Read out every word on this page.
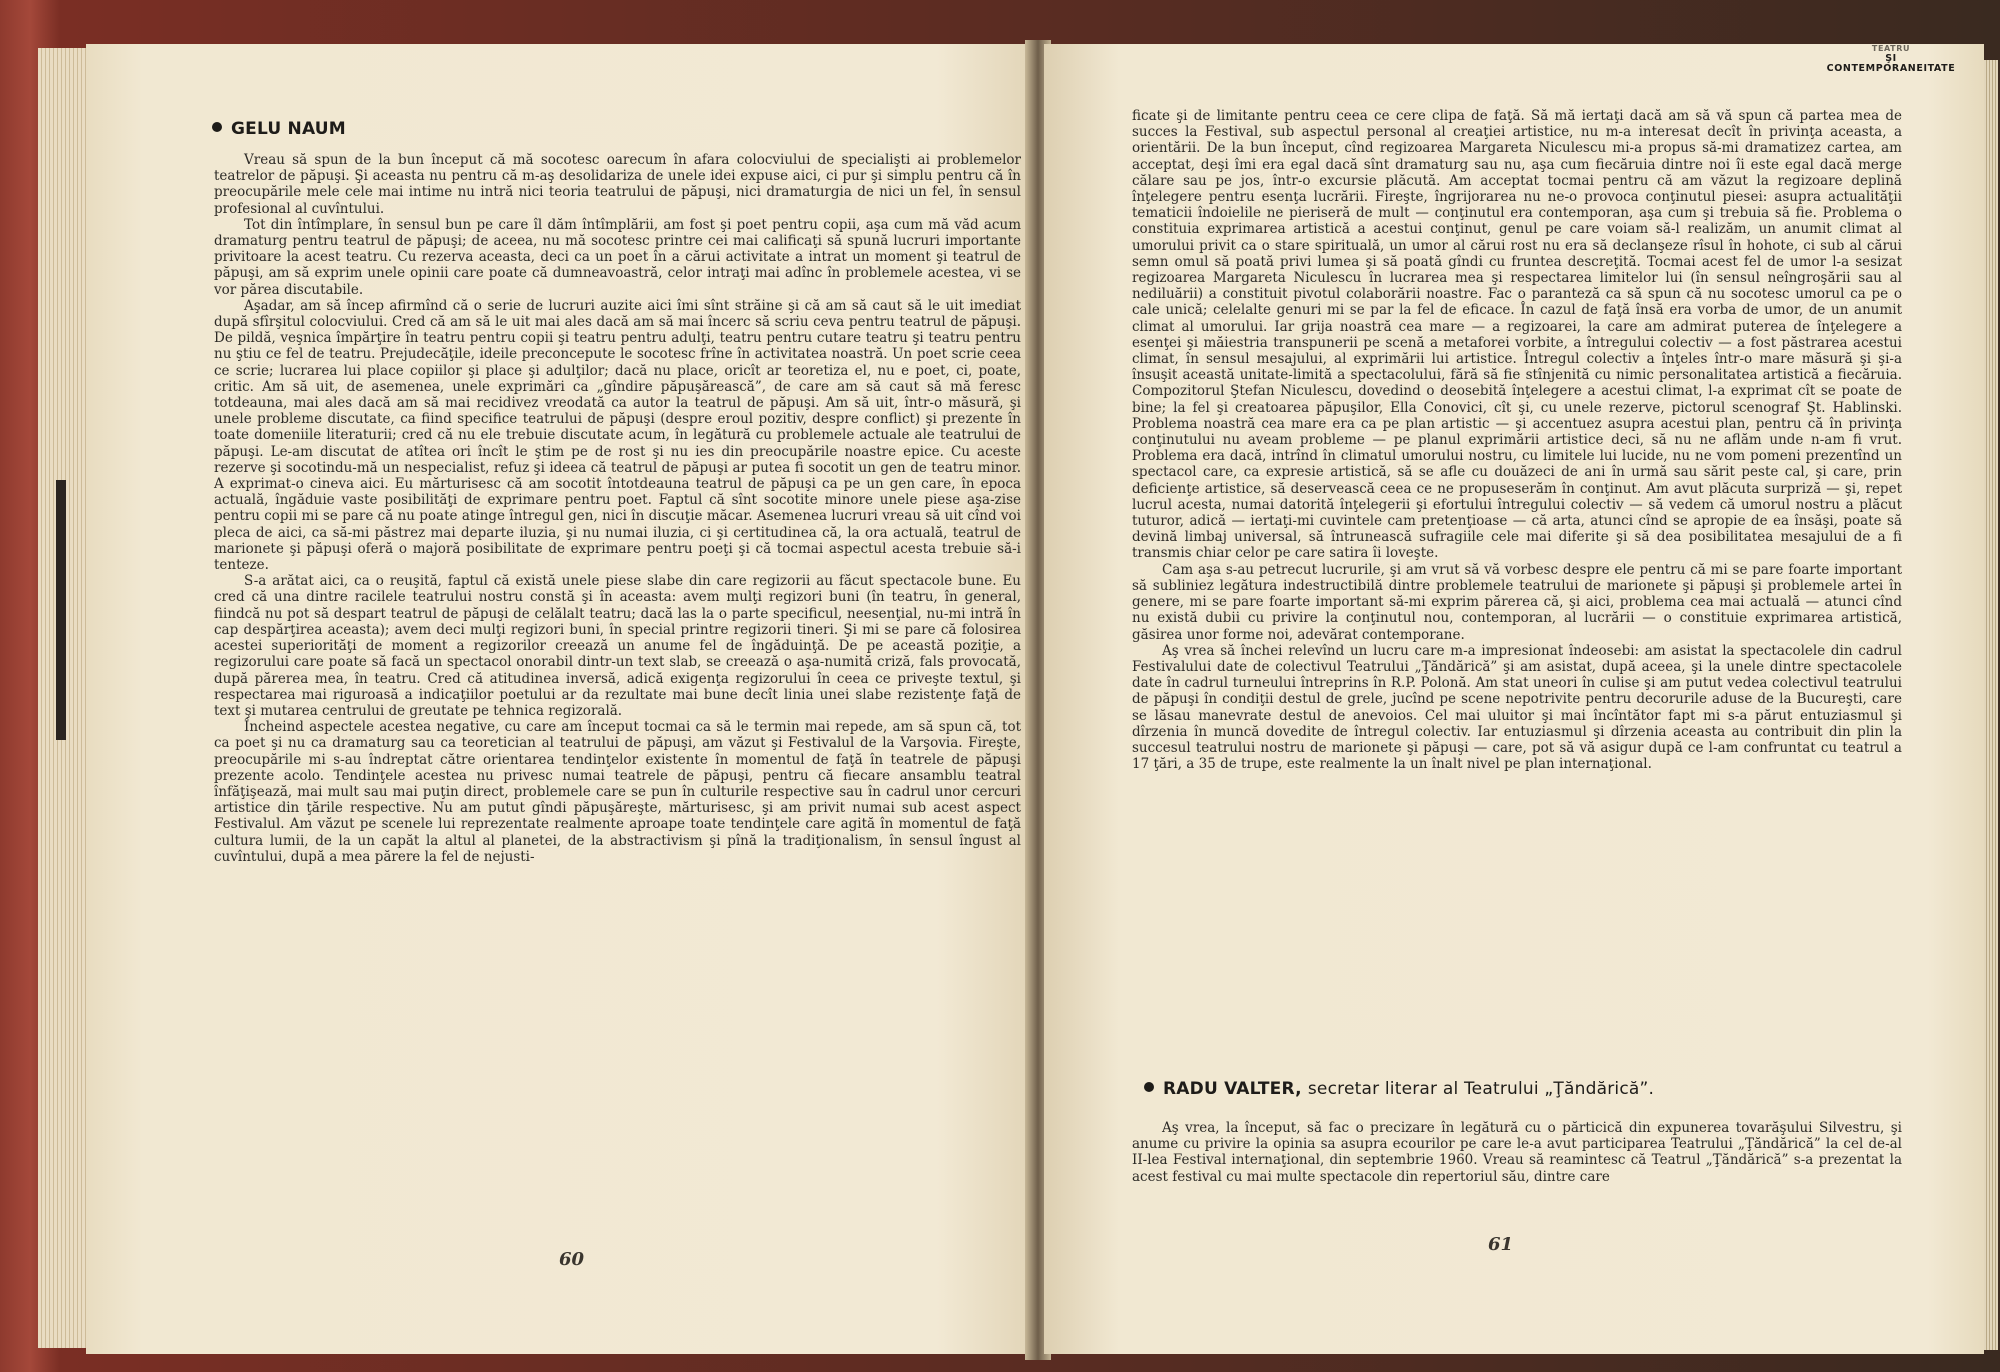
GELU NAUM

Vreau să spun de la bun început că mă socotesc oarecum în afara colocviului de specialişti ai problemelor teatrelor de păpuşi. Şi aceasta nu pentru că m-aş desolidariza de unele idei expuse aici, ci pur şi simplu pentru că în preocupările mele cele mai intime nu intră nici teoria teatrului de păpuşi, nici dramaturgia de nici un fel, în sensul profesional al cuvîntului.

Tot din întîmplare, în sensul bun pe care îl dăm întîmplării, am fost şi poet pentru copii, aşa cum mă văd acum dramaturg pentru teatrul de păpuşi; de aceea, nu mă socotesc printre cei mai calificaţi să spună lucruri importante privitoare la acest teatru. Cu rezerva aceasta, deci ca un poet în a cărui activitate a intrat un moment şi teatrul de păpuşi, am să exprim unele opinii care poate că dumneavoastră, celor intraţi mai adînc în problemele acestea, vi se vor părea discutabile.

Aşadar, am să încep afirmînd că o serie de lucruri auzite aici îmi sînt străine şi că am să caut să le uit imediat după sfîrşitul colocviului. Cred că am să le uit mai ales dacă am să mai încerc să scriu ceva pentru teatrul de păpuşi. De pildă, veşnica împărţire în teatru pentru copii şi teatru pentru adulţi, teatru pentru cutare teatru şi teatru pentru nu ştiu ce fel de teatru. Prejudecăţile, ideile preconcepute le socotesc frîne în activitatea noastră. Un poet scrie ceea ce scrie; lucrarea lui place copiilor şi place şi adulţilor; dacă nu place, oricît ar teoretiza el, nu e poet, ci, poate, critic. Am să uit, de asemenea, unele exprimări ca „gîndire păpuşărească”, de care am să caut să mă feresc totdeauna, mai ales dacă am să mai recidivez vreodată ca autor la teatrul de păpuşi. Am să uit, într-o măsură, şi unele probleme discutate, ca fiind specifice teatrului de păpuşi (despre eroul pozitiv, despre conflict) şi prezente în toate domeniile literaturii; cred că nu ele trebuie discutate acum, în legătură cu problemele actuale ale teatrului de păpuşi. Le-am discutat de atîtea ori încît le ştim pe de rost şi nu ies din preocupările noastre epice. Cu aceste rezerve şi socotindu-mă un nespecialist, refuz şi ideea că teatrul de păpuşi ar putea fi socotit un gen de teatru minor. A exprimat-o cineva aici. Eu mărturisesc că am socotit întotdeauna teatrul de păpuşi ca pe un gen care, în epoca actuală, îngăduie vaste posibilităţi de exprimare pentru poet. Faptul că sînt socotite minore unele piese aşa-zise pentru copii mi se pare că nu poate atinge întregul gen, nici în discuţie măcar. Asemenea lucruri vreau să uit cînd voi pleca de aici, ca să-mi păstrez mai departe iluzia, şi nu numai iluzia, ci şi certitudinea că, la ora actuală, teatrul de marionete şi păpuşi oferă o majoră posibilitate de exprimare pentru poeţi şi că tocmai aspectul acesta trebuie să-i tenteze.

S-a arătat aici, ca o reuşită, faptul că există unele piese slabe din care regizorii au făcut spectacole bune. Eu cred că una dintre racilele teatrului nostru constă şi în aceasta: avem mulţi regizori buni (în teatru, în general, fiindcă nu pot să despart teatrul de păpuşi de celălalt teatru; dacă las la o parte specificul, neesenţial, nu-mi intră în cap despărţirea aceasta); avem deci mulţi regizori buni, în special printre regizorii tineri. Şi mi se pare că folosirea acestei superiorităţi de moment a regizorilor creează un anume fel de îngăduinţă. De pe această poziţie, a regizorului care poate să facă un spectacol onorabil dintr-un text slab, se creează o aşa-numită criză, fals provocată, după părerea mea, în teatru. Cred că atitudinea inversă, adică exigenţa regizorului în ceea ce priveşte textul, şi respectarea mai riguroasă a indicaţiilor poetului ar da rezultate mai bune decît linia unei slabe rezistenţe faţă de text şi mutarea centrului de greutate pe tehnica regizorală.

Încheind aspectele acestea negative, cu care am început tocmai ca să le termin mai repede, am să spun că, tot ca poet şi nu ca dramaturg sau ca teoretician al teatrului de păpuşi, am văzut şi Festivalul de la Varşovia. Fireşte, preocupările mi s-au îndreptat către orientarea tendinţelor existente în momentul de faţă în teatrele de păpuşi prezente acolo. Tendinţele acestea nu privesc numai teatrele de păpuşi, pentru că fiecare ansamblu teatral înfăţişează, mai mult sau mai puţin direct, problemele care se pun în culturile respective sau în cadrul unor cercuri artistice din ţările respective. Nu am putut gîndi păpuşăreşte, mărturisesc, şi am privit numai sub acest aspect Festivalul. Am văzut pe scenele lui reprezentate realmente aproape toate tendinţele care agită în momentul de faţă cultura lumii, de la un capăt la altul al planetei, de la abstractivism şi pînă la tradiţionalism, în sensul îngust al cuvîntului, după a mea părere la fel de nejusti-

60
TEATRU
ŞI
CONTEMPORANEITATE

ficate şi de limitante pentru ceea ce cere clipa de faţă. Să mă iertaţi dacă am să vă spun că partea mea de succes la Festival, sub aspectul personal al creaţiei artistice, nu m-a interesat decît în privinţa aceasta, a orientării. De la bun început, cînd regizoarea Margareta Niculescu mi-a propus să-mi dramatizez cartea, am acceptat, deşi îmi era egal dacă sînt dramaturg sau nu, aşa cum fiecăruia dintre noi îi este egal dacă merge călare sau pe jos, într-o excursie plăcută. Am acceptat tocmai pentru că am văzut la regizoare deplină înţelegere pentru esenţa lucrării. Fireşte, îngrijorarea nu ne-o provoca conţinutul piesei: asupra actualităţii tematicii îndoielile ne pieriseră de mult — conţinutul era contemporan, aşa cum şi trebuia să fie. Problema o constituia exprimarea artistică a acestui conţinut, genul pe care voiam să-l realizăm, un anumit climat al umorului privit ca o stare spirituală, un umor al cărui rost nu era să declanşeze rîsul în hohote, ci sub al cărui semn omul să poată privi lumea şi să poată gîndi cu fruntea descreţită. Tocmai acest fel de umor l-a sesizat regizoarea Margareta Niculescu în lucrarea mea şi respectarea limitelor lui (în sensul neîngroşării sau al nediluării) a constituit pivotul colaborării noastre. Fac o paranteză ca să spun că nu socotesc umorul ca pe o cale unică; celelalte genuri mi se par la fel de eficace. În cazul de faţă însă era vorba de umor, de un anumit climat al umorului. Iar grija noastră cea mare — a regizoarei, la care am admirat puterea de înţelegere a esenţei şi măiestria transpunerii pe scenă a metaforei vorbite, a întregului colectiv — a fost păstrarea acestui climat, în sensul mesajului, al exprimării lui artistice. Întregul colectiv a înţeles într-o mare măsură şi şi-a însuşit această unitate-limită a spectacolului, fără să fie stînjenită cu nimic personalitatea artistică a fiecăruia. Compozitorul Ştefan Niculescu, dovedind o deosebită înţelegere a acestui climat, l-a exprimat cît se poate de bine; la fel şi creatoarea păpuşilor, Ella Conovici, cît şi, cu unele rezerve, pictorul scenograf Şt. Hablinski. Problema noastră cea mare era ca pe plan artistic — şi accentuez asupra acestui plan, pentru că în privinţa conţinutului nu aveam probleme — pe planul exprimării artistice deci, să nu ne aflăm unde n-am fi vrut. Problema era dacă, intrînd în climatul umorului nostru, cu limitele lui lucide, nu ne vom pomeni prezentînd un spectacol care, ca expresie artistică, să se afle cu douăzeci de ani în urmă sau sărit peste cal, şi care, prin deficienţe artistice, să deservească ceea ce ne propuseserăm în conţinut. Am avut plăcuta surpriză — şi, repet lucrul acesta, numai datorită înţelegerii şi efortului întregului colectiv — să vedem că umorul nostru a plăcut tuturor, adică — iertaţi-mi cuvintele cam pretenţioase — că arta, atunci cînd se apropie de ea însăşi, poate să devină limbaj universal, să întrunească sufragiile cele mai diferite şi să dea posibilitatea mesajului de a fi transmis chiar celor pe care satira îi loveşte.

Cam aşa s-au petrecut lucrurile, şi am vrut să vă vorbesc despre ele pentru că mi se pare foarte important să subliniez legătura indestructibilă dintre problemele teatrului de marionete şi păpuşi şi problemele artei în genere, mi se pare foarte important să-mi exprim părerea că, şi aici, problema cea mai actuală — atunci cînd nu există dubii cu privire la conţinutul nou, contemporan, al lucrării — o constituie exprimarea artistică, găsirea unor forme noi, adevărat contemporane.

Aş vrea să închei relevînd un lucru care m-a impresionat îndeosebi: am asistat la spectacolele din cadrul Festivalului date de colectivul Teatrului „Ţăndărică” şi am asistat, după aceea, şi la unele dintre spectacolele date în cadrul turneului întreprins în R.P. Polonă. Am stat uneori în culise şi am putut vedea colectivul teatrului de păpuşi în condiţii destul de grele, jucînd pe scene nepotrivite pentru decorurile aduse de la Bucureşti, care se lăsau manevrate destul de anevoios. Cel mai uluitor şi mai încîntător fapt mi s-a părut entuziasmul şi dîrzenia în muncă dovedite de întregul colectiv. Iar entuziasmul şi dîrzenia aceasta au contribuit din plin la succesul teatrului nostru de marionete şi păpuşi — care, pot să vă asigur după ce l-am confruntat cu teatrul a 17 ţări, a 35 de trupe, este realmente la un înalt nivel pe plan internaţional.

RADU VALTER, secretar literar al Teatrului „Ţăndărică”.

Aş vrea, la început, să fac o precizare în legătură cu o părticică din expunerea tovarăşului Silvestru, şi anume cu privire la opinia sa asupra ecourilor pe care le-a avut participarea Teatrului „Ţăndărică” la cel de-al II-lea Festival internaţional, din septembrie 1960. Vreau să reamintesc că Teatrul „Ţăndărică” s-a prezentat la acest festival cu mai multe spectacole din repertoriul său, dintre care

61
